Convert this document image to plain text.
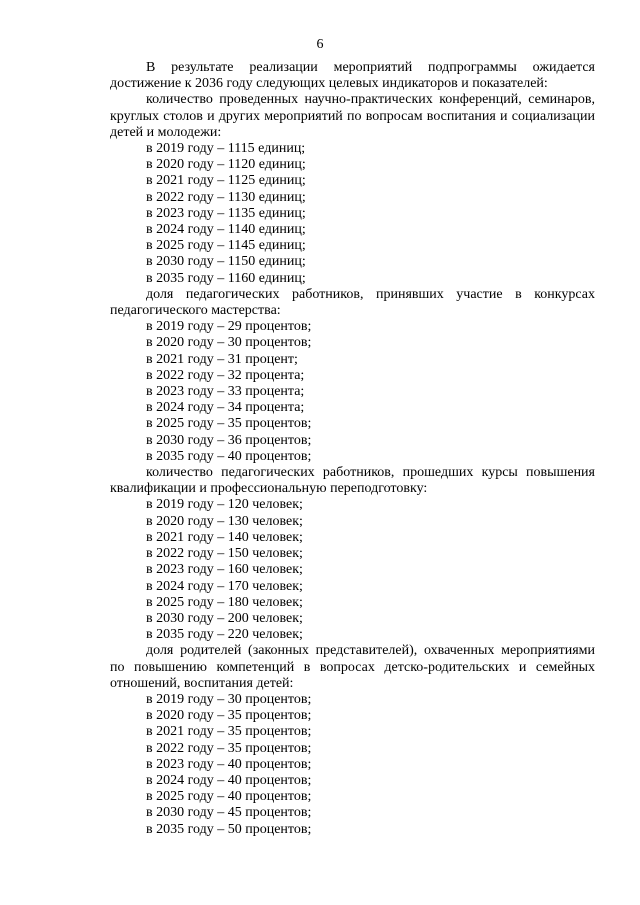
6

В результате реализации мероприятий подпрограммы ожидается достижение к 2036 году следующих целевых индикаторов и показателей:

количество проведенных научно-практических конференций, семинаров, круглых столов и других мероприятий по вопросам воспитания и социализации детей и молодежи:

в 2019 году – 1115 единиц;

в 2020 году – 1120 единиц;

в 2021 году – 1125 единиц;

в 2022 году – 1130 единиц;

в 2023 году – 1135 единиц;

в 2024 году – 1140 единиц;

в 2025 году – 1145 единиц;

в 2030 году – 1150 единиц;

в 2035 году – 1160 единиц;

доля педагогических работников, принявших участие в конкурсах педагогического мастерства:

в 2019 году – 29 процентов;

в 2020 году – 30 процентов;

в 2021 году – 31 процент;

в 2022 году – 32 процента;

в 2023 году – 33 процента;

в 2024 году – 34 процента;

в 2025 году – 35 процентов;

в 2030 году – 36 процентов;

в 2035 году – 40 процентов;

количество педагогических работников, прошедших курсы повышения квалификации и профессиональную переподготовку:

в 2019 году – 120 человек;

в 2020 году – 130 человек;

в 2021 году – 140 человек;

в 2022 году – 150 человек;

в 2023 году – 160 человек;

в 2024 году – 170 человек;

в 2025 году – 180 человек;

в 2030 году – 200 человек;

в 2035 году – 220 человек;

доля родителей (законных представителей), охваченных мероприятиями по повышению компетенций в вопросах детско-родительских и семейных отношений, воспитания детей:

в 2019 году – 30 процентов;

в 2020 году – 35 процентов;

в 2021 году – 35 процентов;

в 2022 году – 35 процентов;

в 2023 году – 40 процентов;

в 2024 году – 40 процентов;

в 2025 году – 40 процентов;

в 2030 году – 45 процентов;

в 2035 году – 50 процентов;
